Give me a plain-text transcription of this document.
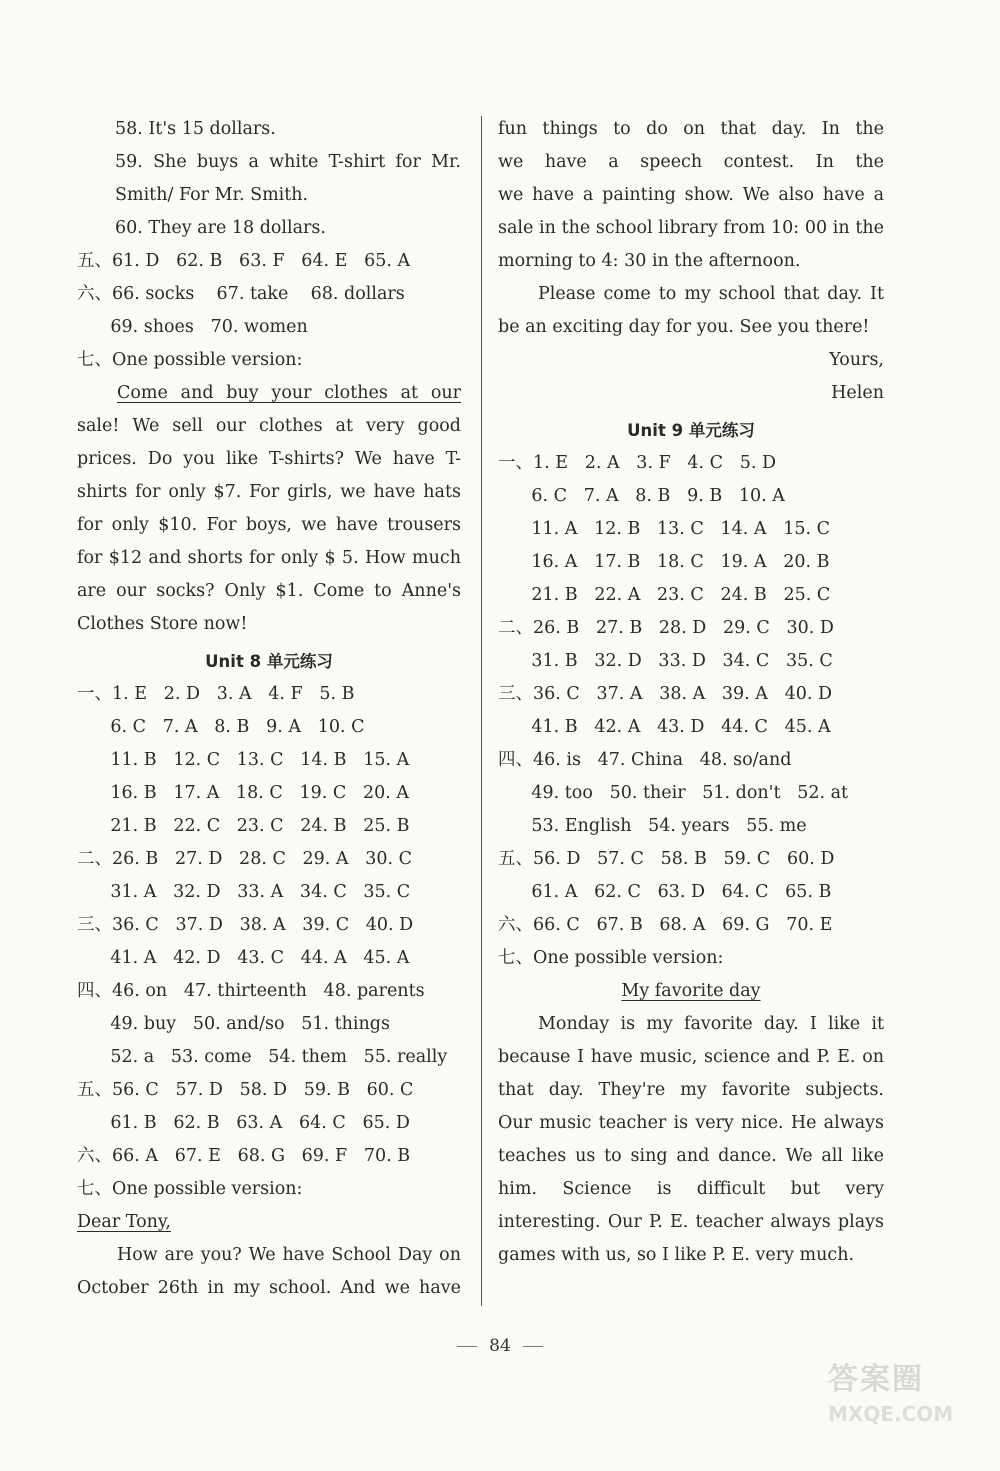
58. It's 15 dollars.
59. She buys a white T-shirt for Mr.
Smith/ For Mr. Smith.
60. They are 18 dollars.
五、61. D   62. B   63. F   64. E   65. A
六、66. socks    67. take    68. dollars
69. shoes   70. women
七、One possible version:
Come and buy your clothes at our
sale! We sell our clothes at very good
prices. Do you like T-shirts? We have T-
shirts for only $7. For girls, we have hats
for only $10. For boys, we have trousers
for $12 and shorts for only $ 5. How much
are our socks? Only $1. Come to Anne's
Clothes Store now!
Unit 8 单元练习
一、1. E   2. D   3. A   4. F   5. B
6. C   7. A   8. B   9. A   10. C
11. B   12. C   13. C   14. B   15. A
16. B   17. A   18. C   19. C   20. A
21. B   22. C   23. C   24. B   25. B
二、26. B   27. D   28. C   29. A   30. C
31. A   32. D   33. A   34. C   35. C
三、36. C   37. D   38. A   39. C   40. D
41. A   42. D   43. C   44. A   45. A
四、46. on   47. thirteenth   48. parents
49. buy   50. and/so   51. things
52. a   53. come   54. them   55. really
五、56. C   57. D   58. D   59. B   60. C
61. B   62. B   63. A   64. C   65. D
六、66. A   67. E   68. G   69. F   70. B
七、One possible version:
Dear Tony,
How are you? We have School Day on
October 26th in my school. And we have
fun things to do on that day. In the
we have a speech contest. In the
we have a painting show. We also have a
sale in the school library from 10: 00 in the
morning to 4: 30 in the afternoon.
Please come to my school that day. It
be an exciting day for you. See you there!
Yours,
Helen
Unit 9 单元练习
一、1. E   2. A   3. F   4. C   5. D
6. C   7. A   8. B   9. B   10. A
11. A   12. B   13. C   14. A   15. C
16. A   17. B   18. C   19. A   20. B
21. B   22. A   23. C   24. B   25. C
二、26. B   27. B   28. D   29. C   30. D
31. B   32. D   33. D   34. C   35. C
三、36. C   37. A   38. A   39. A   40. D
41. B   42. A   43. D   44. C   45. A
四、46. is   47. China   48. so/and
49. too   50. their   51. don't   52. at
53. English   54. years   55. me
五、56. D   57. C   58. B   59. C   60. D
61. A   62. C   63. D   64. C   65. B
六、66. C   67. B   68. A   69. G   70. E
七、One possible version:
My favorite day
Monday is my favorite day. I like it
because I have music, science and P. E. on
that day. They're my favorite subjects.
Our music teacher is very nice. He always
teaches us to sing and dance. We all like
him. Science is difficult but very
interesting. Our P. E. teacher always plays
games with us, so I like P. E. very much.
84
答案圈
MXQE.COM
